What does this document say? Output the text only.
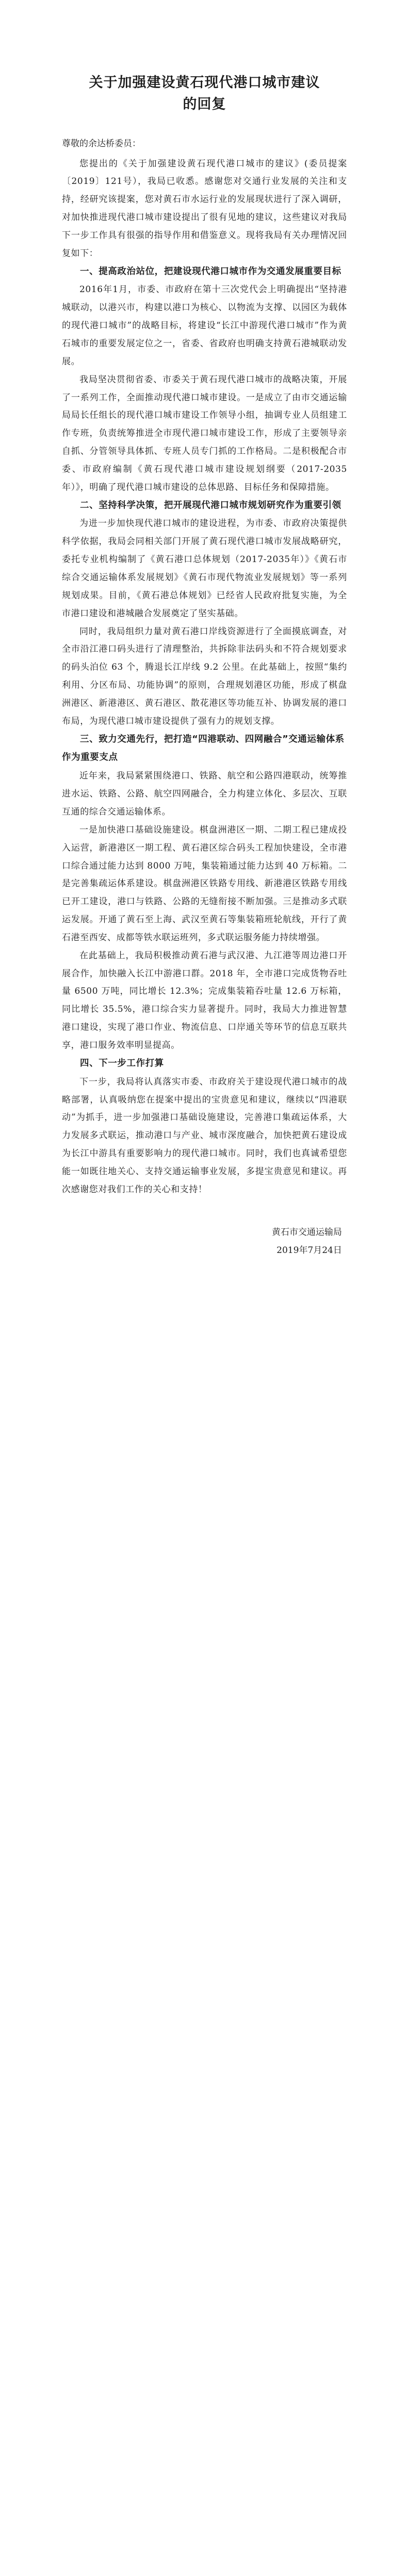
关于加强建设黄石现代港口城市建议
的回复
尊敬的余达桥委员：

您提出的《关于加强建设黄石现代港口城市的建议》(委员提案〔2019〕121号），我局已收悉。感谢您对交通行业发展的关注和支持，经研究该提案，您对黄石市水运行业的发展现状进行了深入调研，对加快推进现代港口城市建设提出了很有见地的建议，这些建议对我局下一步工作具有很强的指导作用和借鉴意义。现将我局有关办理情况回复如下：

一、提高政治站位，把建设现代港口城市作为交通发展重要目标

2016年1月，市委、市政府在第十三次党代会上明确提出“坚持港城联动，以港兴市，构建以港口为核心、以物流为支撑、以园区为载体的现代港口城市”的战略目标，将建设“长江中游现代港口城市”作为黄石城市的重要发展定位之一，省委、省政府也明确支持黄石港城联动发展。

我局坚决贯彻省委、市委关于黄石现代港口城市的战略决策，开展了一系列工作，全面推动现代港口城市建设。一是成立了由市交通运输局局长任组长的现代港口城市建设工作领导小组，抽调专业人员组建工作专班，负责统筹推进全市现代港口城市建设工作，形成了主要领导亲自抓、分管领导具体抓、专班人员专门抓的工作格局。二是积极配合市委、市政府编制《黄石现代港口城市建设规划纲要（2017-2035年）》，明确了现代港口城市建设的总体思路、目标任务和保障措施。

二、坚持科学决策，把开展现代港口城市规划研究作为重要引领

为进一步加快现代港口城市的建设进程，为市委、市政府决策提供科学依据，我局会同相关部门开展了黄石现代港口城市发展战略研究，委托专业机构编制了《黄石港口总体规划（2017-2035年）》《黄石市综合交通运输体系发展规划》《黄石市现代物流业发展规划》等一系列规划成果。目前，《黄石港总体规划》已经省人民政府批复实施，为全市港口建设和港城融合发展奠定了坚实基础。

同时，我局组织力量对黄石港口岸线资源进行了全面摸底调查，对全市沿江港口码头进行了清理整治，共拆除非法码头和不符合规划要求的码头泊位 63 个，腾退长江岸线 9.2 公里。在此基础上，按照“集约利用、分区布局、功能协调”的原则，合理规划港区功能，形成了棋盘洲港区、新港港区、黄石港区、散花港区等功能互补、协调发展的港口布局，为现代港口城市建设提供了强有力的规划支撑。

三、致力交通先行，把打造“四港联动、四网融合”交通运输体系作为重要支点

近年来，我局紧紧围绕港口、铁路、航空和公路四港联动，统筹推进水运、铁路、公路、航空四网融合，全力构建立体化、多层次、互联互通的综合交通运输体系。

一是加快港口基础设施建设。棋盘洲港区一期、二期工程已建成投入运营，新港港区一期工程、黄石港区综合码头工程加快建设，全市港口综合通过能力达到 8000 万吨，集装箱通过能力达到 40 万标箱。二是完善集疏运体系建设。棋盘洲港区铁路专用线、新港港区铁路专用线已开工建设，港口与铁路、公路的无缝衔接不断加强。三是推动多式联运发展。开通了黄石至上海、武汉至黄石等集装箱班轮航线，开行了黄石港至西安、成都等铁水联运班列，多式联运服务能力持续增强。

在此基础上，我局积极推动黄石港与武汉港、九江港等周边港口开展合作，加快融入长江中游港口群。2018 年，全市港口完成货物吞吐量 6500 万吨，同比增长 12.3%；完成集装箱吞吐量 12.6 万标箱，同比增长 35.5%，港口综合实力显著提升。同时，我局大力推进智慧港口建设，实现了港口作业、物流信息、口岸通关等环节的信息互联共享，港口服务效率明显提高。

四、下一步工作打算

下一步，我局将认真落实市委、市政府关于建设现代港口城市的战略部署，认真吸纳您在提案中提出的宝贵意见和建议，继续以“四港联动”为抓手，进一步加强港口基础设施建设，完善港口集疏运体系，大力发展多式联运，推动港口与产业、城市深度融合，加快把黄石建设成为长江中游具有重要影响力的现代港口城市。同时，我们也真诚希望您能一如既往地关心、支持交通运输事业发展，多提宝贵意见和建议。再次感谢您对我们工作的关心和支持！

黄石市交通运输局
2019年7月24日
